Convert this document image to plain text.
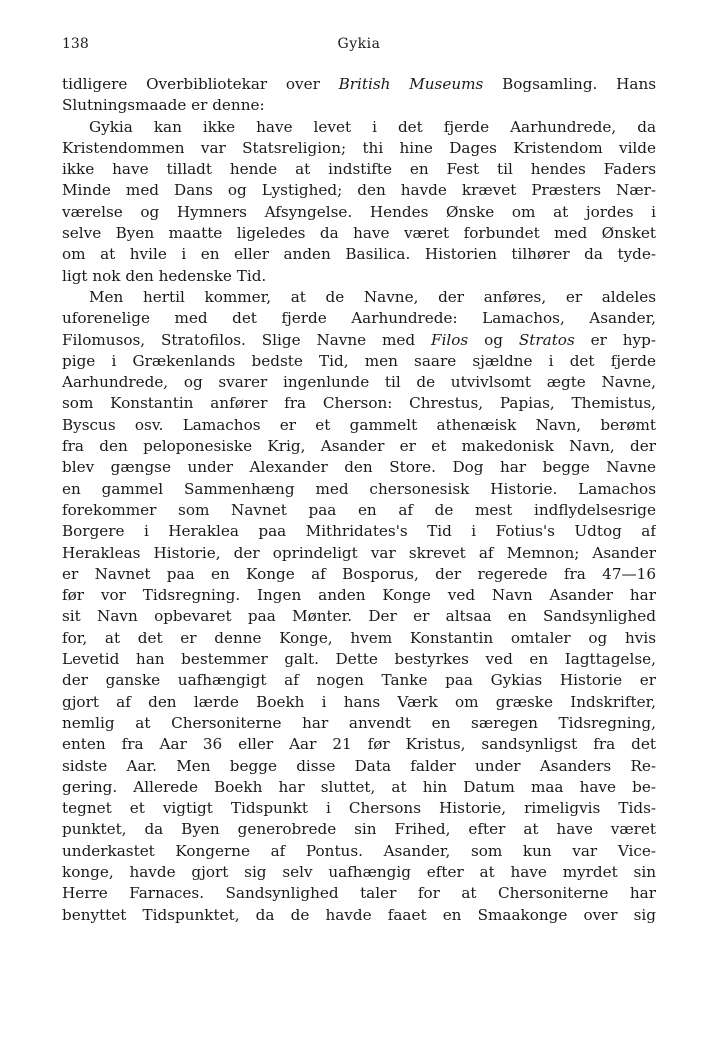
138	Gykia
tidligere Overbibliotekar over British Museums Bogsamling. Hans
Slutningsmaade er denne:
Gykia kan ikke have levet i det fjerde Aarhundrede, da
Kristendommen var Statsreligion; thi hine Dages Kristendom vilde
ikke have tilladt hende at indstifte en Fest til hendes Faders
Minde med Dans og Lystighed; den havde krævet Præsters Nær-
værelse og Hymners Afsyngelse. Hendes Ønske om at jordes i
selve Byen maatte ligeledes da have været forbundet med Ønsket
om at hvile i en eller anden Basilica. Historien tilhører da tyde-
ligt nok den hedenske Tid.
Men hertil kommer, at de Navne, der anføres, er aldeles
uforenelige med det fjerde Aarhundrede: Lamachos, Asander,
Filomusos, Stratofilos. Slige Navne med Filos og Stratos er hyp-
pige i Grækenlands bedste Tid, men saare sjældne i det fjerde
Aarhundrede, og svarer ingenlunde til de utvivlsomt ægte Navne,
som Konstantin anfører fra Cherson: Chrestus, Papias, Themistus,
Byscus osv. Lamachos er et gammelt athenæisk Navn, berømt
fra den peloponesiske Krig, Asander er et makedonisk Navn, der
blev gængse under Alexander den Store. Dog har begge Navne
en gammel Sammenhæng med chersonesisk Historie. Lamachos
forekommer som Navnet paa en af de mest indflydelsesrige
Borgere i Heraklea paa Mithridates's Tid i Fotius's Udtog af
Herakleas Historie, der oprindeligt var skrevet af Memnon; Asander
er Navnet paa en Konge af Bosporus, der regerede fra 47—16
før vor Tidsregning. Ingen anden Konge ved Navn Asander har
sit Navn opbevaret paa Mønter. Der er altsaa en Sandsynlighed
for, at det er denne Konge, hvem Konstantin omtaler og hvis
Levetid han bestemmer galt. Dette bestyrkes ved en Iagttagelse,
der ganske uafhængigt af nogen Tanke paa Gykias Historie er
gjort af den lærde Boekh i hans Værk om græske Indskrifter,
nemlig at Chersoniterne har anvendt en særegen Tidsregning,
enten fra Aar 36 eller Aar 21 før Kristus, sandsynligst fra det
sidste Aar. Men begge disse Data falder under Asanders Re-
gering. Allerede Boekh har sluttet, at hin Datum maa have be-
tegnet et vigtigt Tidspunkt i Chersons Historie, rimeligvis Tids-
punktet, da Byen generobrede sin Frihed, efter at have været
underkastet Kongerne af Pontus. Asander, som kun var Vice-
konge, havde gjort sig selv uafhængig efter at have myrdet sin
Herre Farnaces. Sandsynlighed taler for at Chersoniterne har
benyttet Tidspunktet, da de havde faaet en Smaakonge over sig
